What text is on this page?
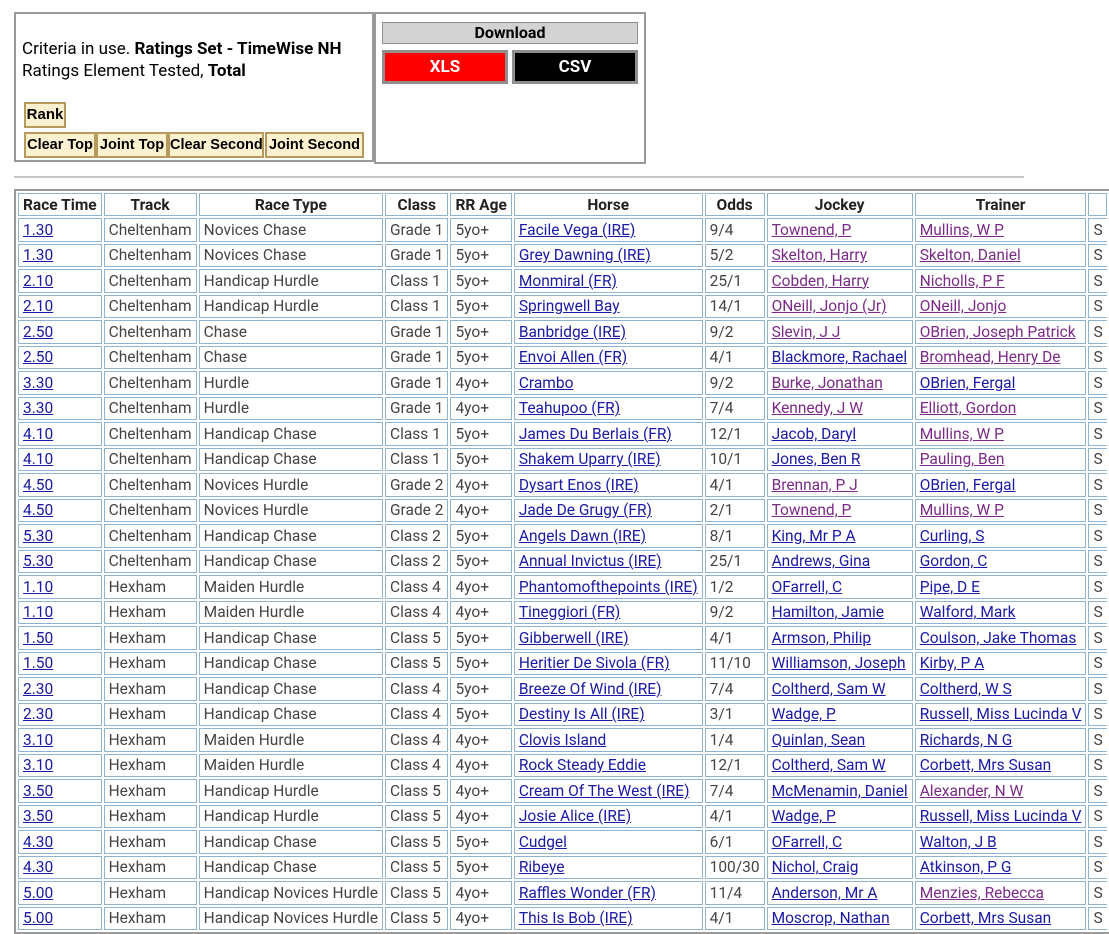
Criteria in use. Ratings Set - TimeWise NH
Ratings Element Tested, Total
Rank
Clear Top Joint Top Clear Second Joint Second
Download
XLS	CSV
Race Time	Track	Race Type	Class	RR Age	Horse	Odds	Jockey	Trainer	
1.30	Cheltenham	Novices Chase	Grade 1	5yo+	Facile Vega (IRE)	9/4	Townend, P	Mullins, W P	S
1.30	Cheltenham	Novices Chase	Grade 1	5yo+	Grey Dawning (IRE)	5/2	Skelton, Harry	Skelton, Daniel	S
2.10	Cheltenham	Handicap Hurdle	Class 1	5yo+	Monmiral (FR)	25/1	Cobden, Harry	Nicholls, P F	S
2.10	Cheltenham	Handicap Hurdle	Class 1	5yo+	Springwell Bay	14/1	ONeill, Jonjo (Jr)	ONeill, Jonjo	S
2.50	Cheltenham	Chase	Grade 1	5yo+	Banbridge (IRE)	9/2	Slevin, J J	OBrien, Joseph Patrick	S
2.50	Cheltenham	Chase	Grade 1	5yo+	Envoi Allen (FR)	4/1	Blackmore, Rachael	Bromhead, Henry De	S
3.30	Cheltenham	Hurdle	Grade 1	4yo+	Crambo	9/2	Burke, Jonathan	OBrien, Fergal	S
3.30	Cheltenham	Hurdle	Grade 1	4yo+	Teahupoo (FR)	7/4	Kennedy, J W	Elliott, Gordon	S
4.10	Cheltenham	Handicap Chase	Class 1	5yo+	James Du Berlais (FR)	12/1	Jacob, Daryl	Mullins, W P	S
4.10	Cheltenham	Handicap Chase	Class 1	5yo+	Shakem Uparry (IRE)	10/1	Jones, Ben R	Pauling, Ben	S
4.50	Cheltenham	Novices Hurdle	Grade 2	4yo+	Dysart Enos (IRE)	4/1	Brennan, P J	OBrien, Fergal	S
4.50	Cheltenham	Novices Hurdle	Grade 2	4yo+	Jade De Grugy (FR)	2/1	Townend, P	Mullins, W P	S
5.30	Cheltenham	Handicap Chase	Class 2	5yo+	Angels Dawn (IRE)	8/1	King, Mr P A	Curling, S	S
5.30	Cheltenham	Handicap Chase	Class 2	5yo+	Annual Invictus (IRE)	25/1	Andrews, Gina	Gordon, C	S
1.10	Hexham	Maiden Hurdle	Class 4	4yo+	Phantomofthepoints (IRE)	1/2	OFarrell, C	Pipe, D E	S
1.10	Hexham	Maiden Hurdle	Class 4	4yo+	Tineggiori (FR)	9/2	Hamilton, Jamie	Walford, Mark	S
1.50	Hexham	Handicap Chase	Class 5	5yo+	Gibberwell (IRE)	4/1	Armson, Philip	Coulson, Jake Thomas	S
1.50	Hexham	Handicap Chase	Class 5	5yo+	Heritier De Sivola (FR)	11/10	Williamson, Joseph	Kirby, P A	S
2.30	Hexham	Handicap Chase	Class 4	5yo+	Breeze Of Wind (IRE)	7/4	Coltherd, Sam W	Coltherd, W S	S
2.30	Hexham	Handicap Chase	Class 4	5yo+	Destiny Is All (IRE)	3/1	Wadge, P	Russell, Miss Lucinda V	S
3.10	Hexham	Maiden Hurdle	Class 4	4yo+	Clovis Island	1/4	Quinlan, Sean	Richards, N G	S
3.10	Hexham	Maiden Hurdle	Class 4	4yo+	Rock Steady Eddie	12/1	Coltherd, Sam W	Corbett, Mrs Susan	S
3.50	Hexham	Handicap Hurdle	Class 5	4yo+	Cream Of The West (IRE)	7/4	McMenamin, Daniel	Alexander, N W	S
3.50	Hexham	Handicap Hurdle	Class 5	4yo+	Josie Alice (IRE)	4/1	Wadge, P	Russell, Miss Lucinda V	S
4.30	Hexham	Handicap Chase	Class 5	5yo+	Cudgel	6/1	OFarrell, C	Walton, J B	S
4.30	Hexham	Handicap Chase	Class 5	5yo+	Ribeye	100/30	Nichol, Craig	Atkinson, P G	S
5.00	Hexham	Handicap Novices Hurdle	Class 5	4yo+	Raffles Wonder (FR)	11/4	Anderson, Mr A	Menzies, Rebecca	S
5.00	Hexham	Handicap Novices Hurdle	Class 5	4yo+	This Is Bob (IRE)	4/1	Moscrop, Nathan	Corbett, Mrs Susan	S
